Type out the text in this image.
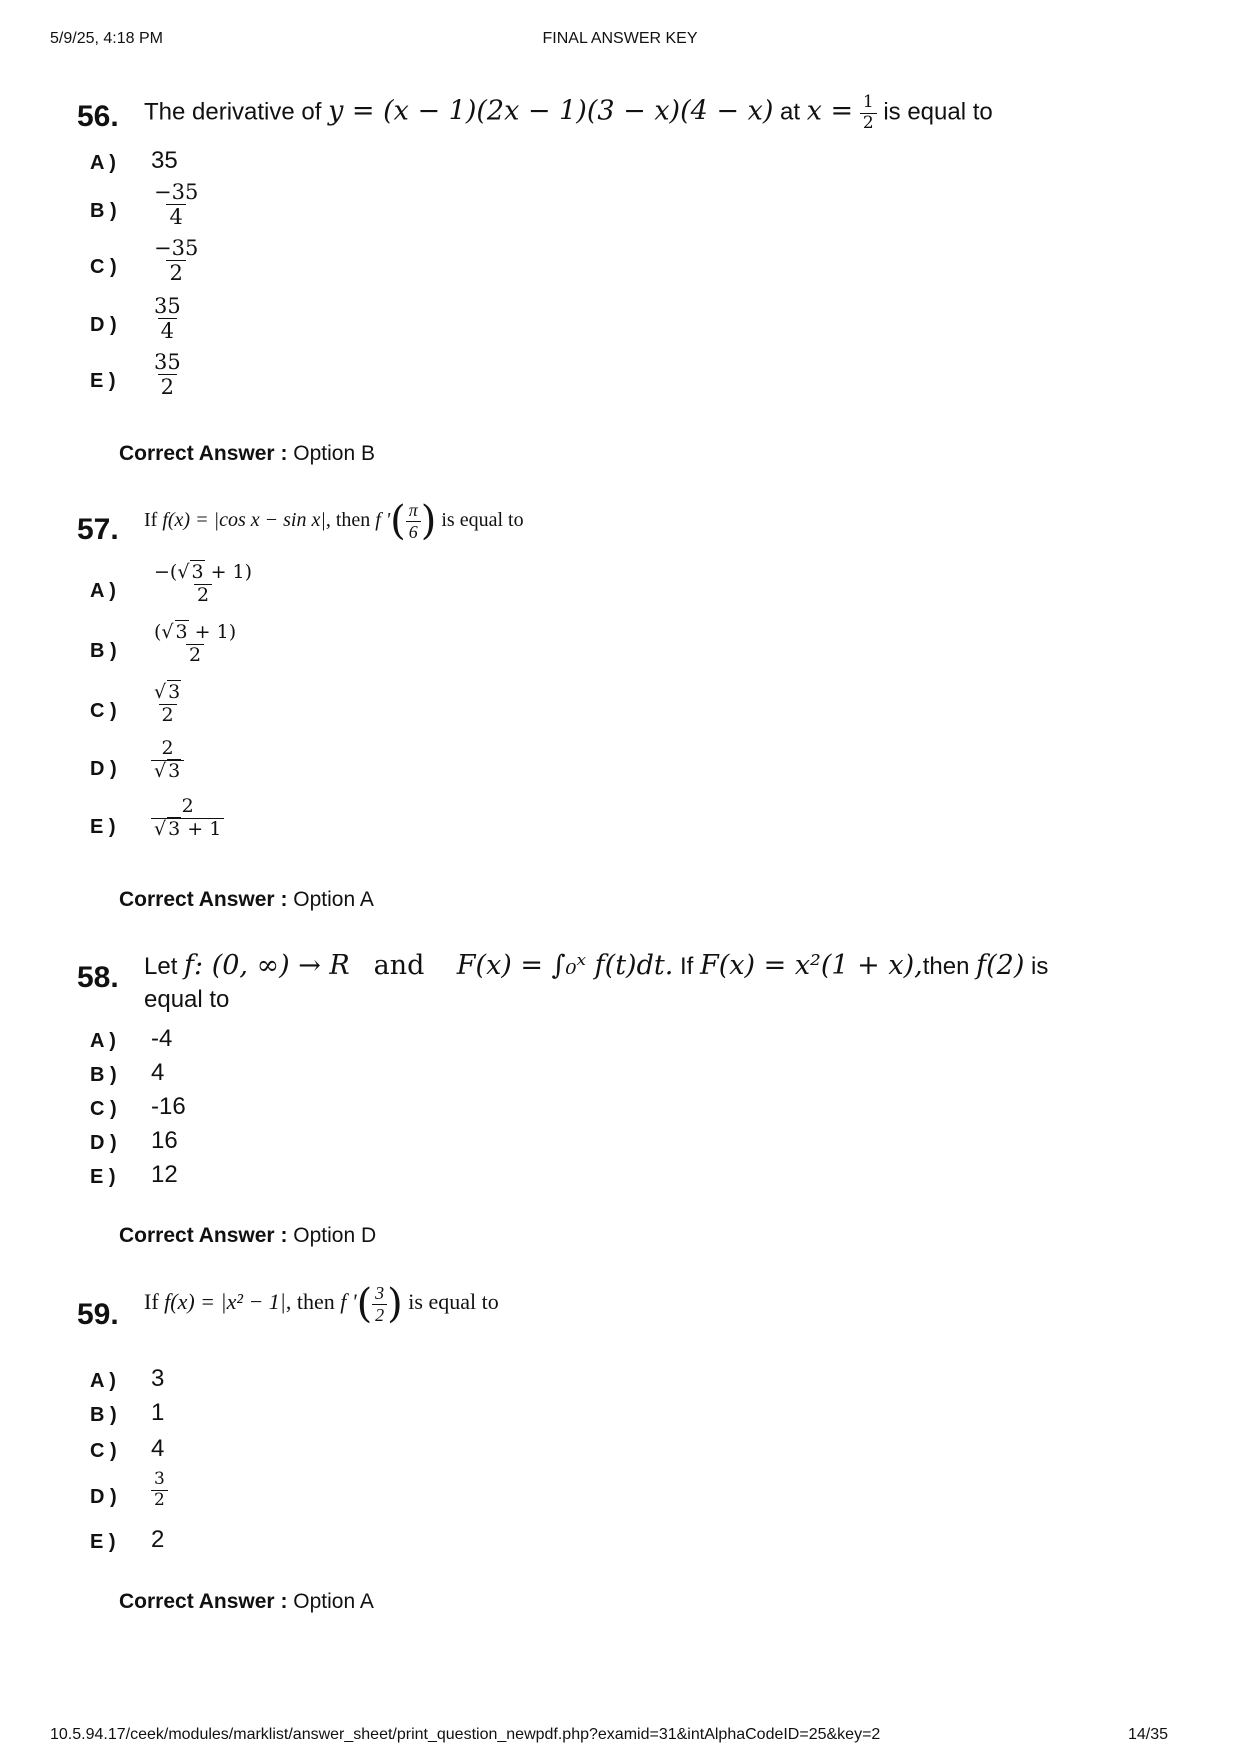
5/9/25, 4:18 PM	FINAL ANSWER KEY
10.5.94.17/ceek/modules/marklist/answer_sheet/print_question_newpdf.php?examid=31&intAlphaCodeID=25&key=2	14/35
56. The derivative of y = (x − 1)(2x − 1)(3 − x)(4 − x) at $x = \frac{1}{2}$ is equal to
A )	35
B )	$\frac{-35}{4}$
C )	$\frac{-35}{2}$
D )	$\frac{35}{4}$
E )	$\frac{35}{2}$
Correct Answer : Option B
57. If f(x) = |cos x − sin x|, then f '( $\frac{\pi}{6}$ ) is equal to
A )	$\frac{-(√ 3 + 1)}{2}$
B )	$\frac{(√ 3 + 1)}{2}$
C )	$\frac{√ 3}{2}$
D )	$\frac{2}{√ 3}$
E )	$\frac{2}{√ 3 + 1}$
Correct Answer : Option A
58. Let f: (0, ∞) → R and F(x) = ∫₀ˣ f(t)dt. If F(x) = x²(1 + x),then f(2) is
equal to
A )	-4
B )	4
C )	-16
D )	16
E )	12
Correct Answer : Option D
59. If f(x) = |x² − 1|, then f '( $\frac{3}{2}$ ) is equal to
A )	3
B )	1
C )	4
D )	$\frac{3}{2}$
E )	2
Correct Answer : Option A
